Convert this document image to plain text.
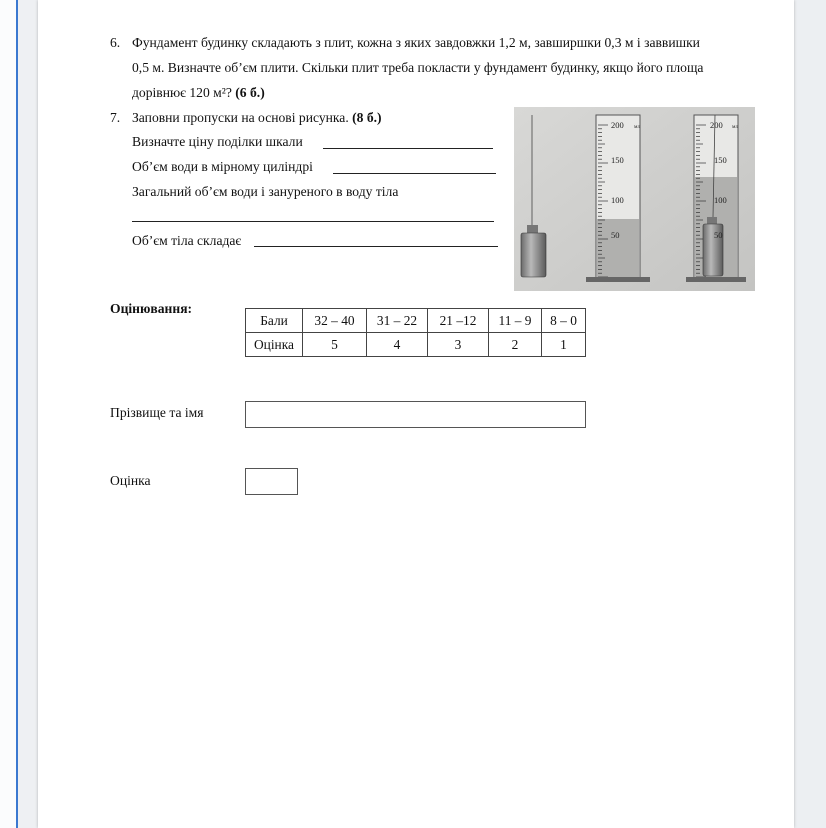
6. Фундамент будинку складають з плит, кожна з яких завдовжки 1,2 м, завширшки 0,3 м і заввишки
0,5 м. Визначте об’єм плити. Скільки плит треба покласти у фундамент будинку, якщо його площа
дорівнює 120 м²? (6 б.)
7. Заповни пропуски на основі рисунка. (8 б.)
Визначте ціну поділки шкали
Об’єм води в мірному циліндрі
Загальний об’єм води і зануреного в воду тіла
Об’єм тіла складає
200 мл
150
100
50
200 мл
150
100
50
Оцінювання:
Бали	32 – 40	31 – 22	21 –12	11 – 9	8 – 0
Оцінка	5	4	3	2	1
Прізвище та імя
Оцінка
